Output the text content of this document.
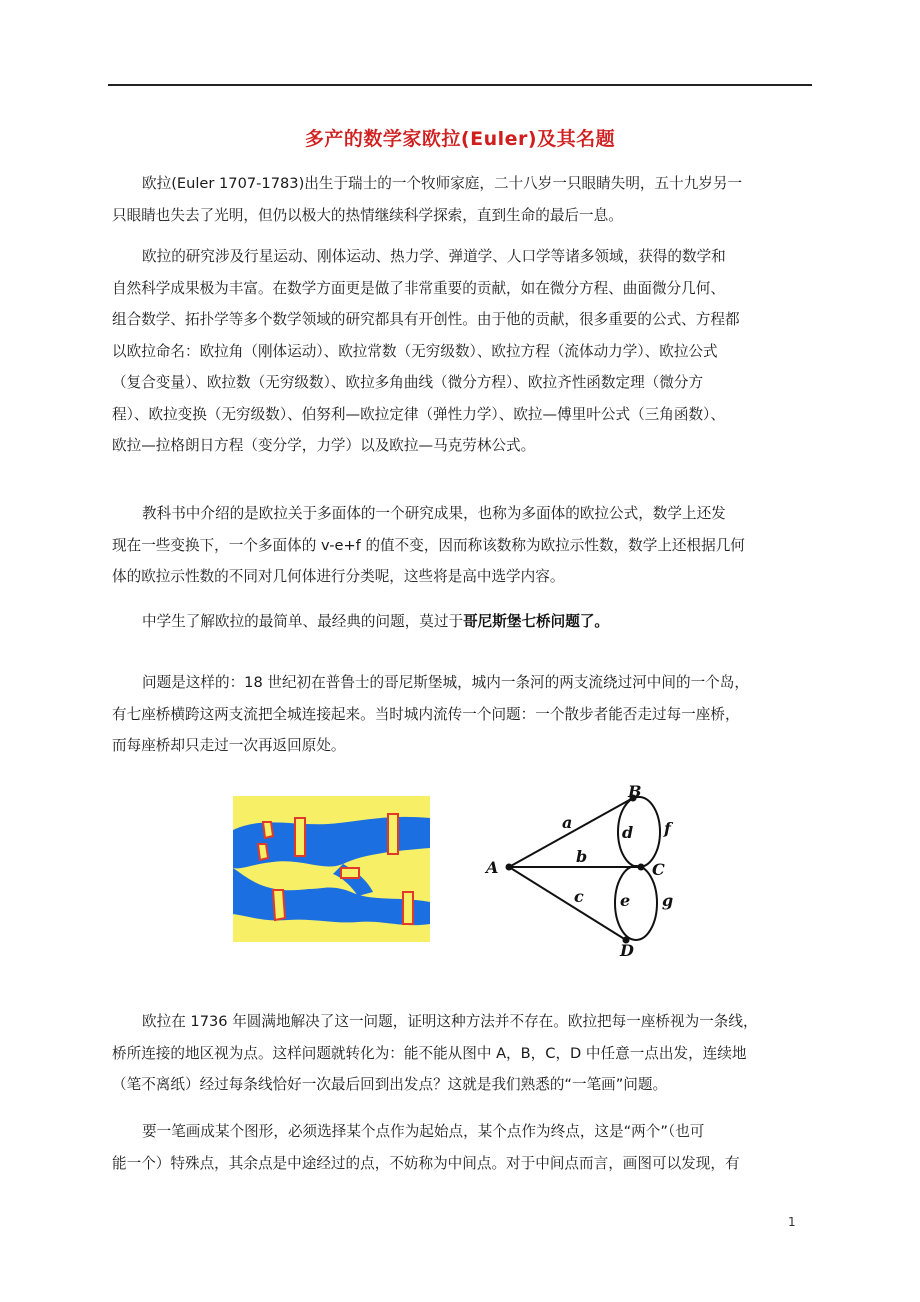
多产的数学家欧拉(Euler)及其名题
欧拉(Euler 1707-1783)出生于瑞士的一个牧师家庭，二十八岁一只眼睛失明，五十九岁另一
只眼睛也失去了光明，但仍以极大的热情继续科学探索，直到生命的最后一息。
欧拉的研究涉及行星运动、刚体运动、热力学、弹道学、人口学等诸多领域，获得的数学和
自然科学成果极为丰富。在数学方面更是做了非常重要的贡献，如在微分方程、曲面微分几何、
组合数学、拓扑学等多个数学领域的研究都具有开创性。由于他的贡献，很多重要的公式、方程都
以欧拉命名：欧拉角（刚体运动）、欧拉常数（无穷级数）、欧拉方程（流体动力学）、欧拉公式
（复合变量）、欧拉数（无穷级数）、欧拉多角曲线（微分方程）、欧拉齐性函数定理（微分方
程）、欧拉变换（无穷级数）、伯努利—欧拉定律（弹性力学）、欧拉—傅里叶公式（三角函数）、
欧拉—拉格朗日方程（变分学，力学）以及欧拉—马克劳林公式。
教科书中介绍的是欧拉关于多面体的一个研究成果，也称为多面体的欧拉公式，数学上还发
现在一些变换下，一个多面体的 v-e+f 的值不变，因而称该数称为欧拉示性数，数学上还根据几何
体的欧拉示性数的不同对几何体进行分类呢，这些将是高中选学内容。
中学生了解欧拉的最简单、最经典的问题，莫过于哥尼斯堡七桥问题了。
问题是这样的：18 世纪初在普鲁士的哥尼斯堡城，城内一条河的两支流绕过河中间的一个岛，
有七座桥横跨这两支流把全城连接起来。当时城内流传一个问题：一个散步者能否走过每一座桥，
而每座桥却只走过一次再返回原处。
A
B
C
D
a
b
c
d
e
f
g
欧拉在 1736 年圆满地解决了这一问题，证明这种方法并不存在。欧拉把每一座桥视为一条线，
桥所连接的地区视为点。这样问题就转化为：能不能从图中 A，B，C，D 中任意一点出发，连续地
（笔不离纸）经过每条线恰好一次最后回到出发点？这就是我们熟悉的“一笔画”问题。
要一笔画成某个图形，必须选择某个点作为起始点，某个点作为终点，这是“两个”（也可
能一个）特殊点，其余点是中途经过的点，不妨称为中间点。对于中间点而言，画图可以发现，有
1
